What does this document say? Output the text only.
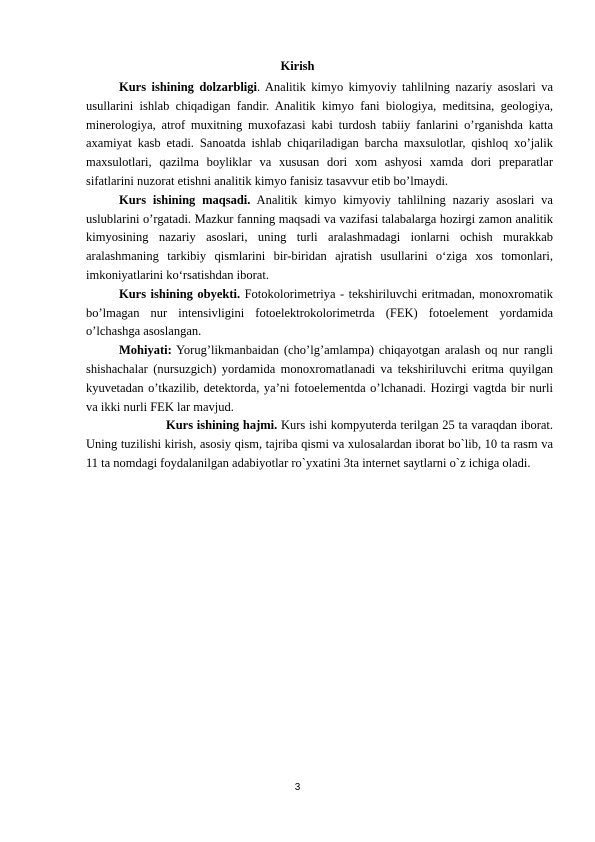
Kirish

Kurs ishining dolzarbligi. Analitik kimyo kimyoviy tahlilning nazariy asoslari va usullarini ishlab chiqadigan fandir. Analitik kimyo fani biologiya, meditsina, geologiya, minerologiya, atrof muxitning muxofazasi kabi turdosh tabiiy fanlarini o’rganishda katta axamiyat kasb etadi. Sanoatda ishlab chiqariladigan barcha maxsulotlar, qishloq xo’jalik maxsulotlari, qazilma boyliklar va xususan dori xom ashyosi xamda dori preparatlar sifatlarini nuzorat etishni analitik kimyo fanisiz tasavvur etib bo’lmaydi.

Kurs ishining maqsadi. Analitik kimyo kimyoviy tahlilning nazariy asoslari va uslublarini o’rgatadi. Mazkur fanning maqsadi va vazifasi talabalarga hozirgi zamon analitik kimyosining nazariy asoslari, uning turli aralashmadagi ionlarni ochish murakkab aralashmaning tarkibiy qismlarini bir-biridan ajratish usullarini o‘ziga xos tomonlari, imkoniyatlarini ko‘rsatishdan iborat.

Kurs ishining obyekti. Fotokolorimetriya - tekshiriluvchi eritmadan, monoxromatik bo’lmagan nur intensivligini fotoelektrokolorimetrda (FEK) fotoelement yordamida o’lchashga asoslangan.

Mohiyati: Yorug’likmanbaidan (cho’lg’amlampa) chiqayotgan aralash oq nur rangli shishachalar (nursuzgich) yordamida monoxromatlanadi va tekshiriluvchi eritma quyilgan kyuvetadan o’tkazilib, detektorda, ya’ni fotoelementda o’lchanadi. Hozirgi vagtda bir nurli va ikki nurli FEK lar mavjud.

Kurs ishining hajmi. Kurs ishi kompyuterda terilgan 25 ta varaqdan iborat. Uning tuzilishi kirish, asosiy qism, tajriba qismi va xulosalardan iborat bo`lib, 10 ta rasm va 11 ta nomdagi foydalanilgan adabiyotlar ro`yxatini 3ta internet saytlarni o`z ichiga oladi.

3
